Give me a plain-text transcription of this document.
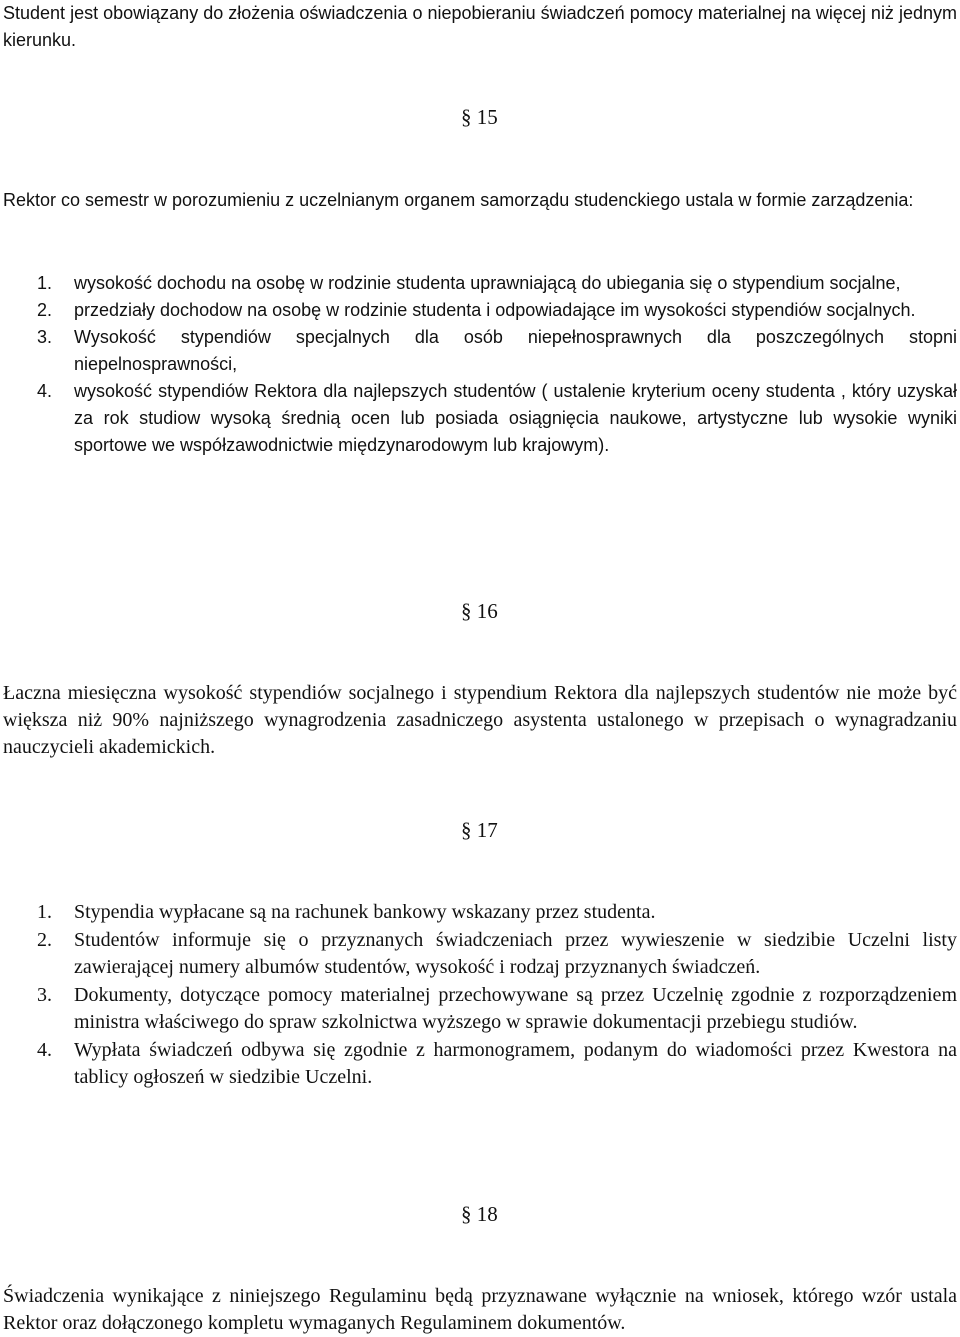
Student jest obowiązany do złożenia oświadczenia o niepobieraniu świadczeń pomocy materialnej na więcej niż jednym kierunku.

§ 15

Rektor co semestr w porozumieniu z uczelnianym organem samorządu studenckiego ustala w formie zarządzenia:

1. wysokość dochodu na osobę w rodzinie studenta uprawniającą do ubiegania się o stypendium socjalne,
2. przedziały dochodow na osobę w rodzinie studenta i odpowiadające im wysokości stypendiów socjalnych.
3. Wysokość stypendiów specjalnych dla osób niepełnosprawnych dla poszczególnych stopni niepelnosprawności,
4. wysokość stypendiów Rektora dla najlepszych studentów ( ustalenie kryterium oceny studenta , który uzyskał za rok studiow wysoką średnią ocen lub posiada osiągnięcia naukowe, artystyczne lub wysokie wyniki sportowe we współzawodnictwie międzynarodowym lub krajowym).
§ 16

Łaczna miesięczna wysokość stypendiów socjalnego i stypendium Rektora dla najlepszych studentów nie może być większa niż 90% najniższego wynagrodzenia zasadniczego asystenta ustalonego w przepisach o wynagradzaniu nauczycieli akademickich.

§ 17
1. Stypendia wypłacane są na rachunek bankowy wskazany przez studenta.
2. Studentów informuje się o przyznanych świadczeniach przez wywieszenie w siedzibie Uczelni listy zawierającej numery albumów studentów, wysokość i rodzaj przyznanych świadczeń.
3. Dokumenty, dotyczące pomocy materialnej przechowywane są przez Uczelnię zgodnie z rozporządzeniem ministra właściwego do spraw szkolnictwa wyższego w sprawie dokumentacji przebiegu studiów.
4. Wypłata świadczeń odbywa się zgodnie z harmonogramem, podanym do wiadomości przez Kwestora na tablicy ogłoszeń w siedzibie Uczelni.
§ 18

Świadczenia wynikające z niniejszego Regulaminu będą przyznawane wyłącznie na wniosek, którego wzór ustala Rektor oraz dołączonego kompletu wymaganych Regulaminem dokumentów.
